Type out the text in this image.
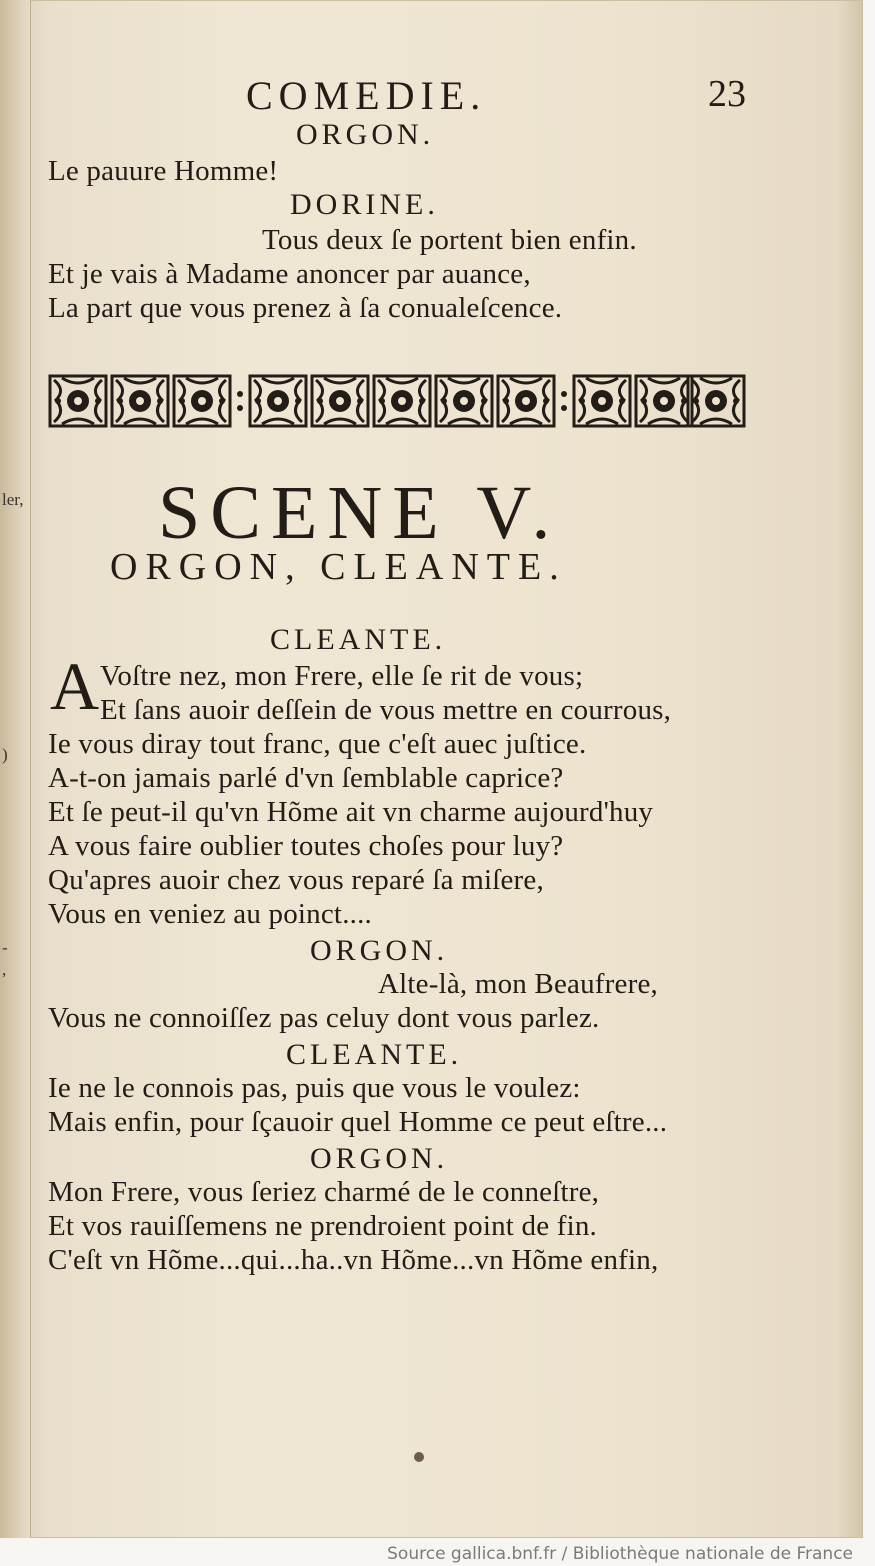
ler,
)
-
,
COMEDIE.	23
ORGON.
Le pauure Homme!
DORINE.
Tous deux ſe portent bien enfin.
Et je vais à Madame anoncer par auance,
La part que vous prenez à ſa conualeſcence.
SCENE V.
ORGON, CLEANTE.
CLEANTE.
A Voſtre nez, mon Frere, elle ſe rit de vous;
Et ſans auoir deſſein de vous mettre en courrous,
Ie vous diray tout franc, que c'eſt auec juſtice.
A-t-on jamais parlé d'vn ſemblable caprice?
Et ſe peut-il qu'vn Hõme ait vn charme aujourd'huy
A vous faire oublier toutes choſes pour luy?
Qu'apres auoir chez vous reparé ſa miſere,
Vous en veniez au poinct....
ORGON.
Alte-là, mon Beaufrere,
Vous ne connoiſſez pas celuy dont vous parlez.
CLEANTE.
Ie ne le connois pas, puis que vous le voulez:
Mais enfin, pour ſçauoir quel Homme ce peut eſtre...
ORGON.
Mon Frere, vous ſeriez charmé de le conneſtre,
Et vos rauiſſemens ne prendroient point de fin.
C'eſt vn Hõme...qui...ha..vn Hõme...vn Hõme enfin,
Source gallica.bnf.fr / Bibliothèque nationale de France
